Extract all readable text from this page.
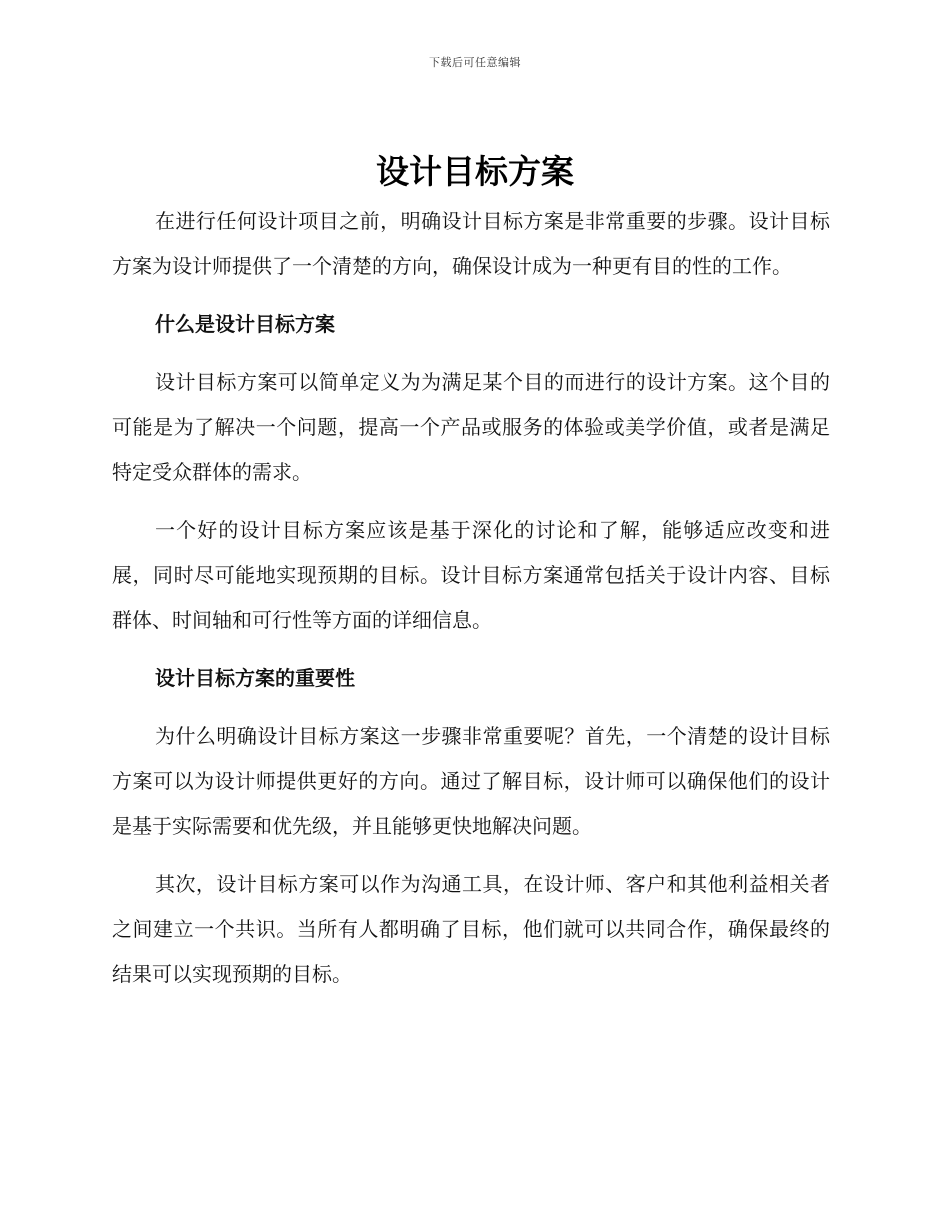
下载后可任意编辑
设计目标方案

在进行任何设计项目之前，明确设计目标方案是非常重要的步骤。设计目标方案为设计师提供了一个清楚的方向，确保设计成为一种更有目的性的工作。

什么是设计目标方案

设计目标方案可以简单定义为为满足某个目的而进行的设计方案。这个目的可能是为了解决一个问题，提高一个产品或服务的体验或美学价值，或者是满足特定受众群体的需求。

一个好的设计目标方案应该是基于深化的讨论和了解，能够适应改变和进展，同时尽可能地实现预期的目标。设计目标方案通常包括关于设计内容、目标群体、时间轴和可行性等方面的详细信息。

设计目标方案的重要性

为什么明确设计目标方案这一步骤非常重要呢？首先，一个清楚的设计目标方案可以为设计师提供更好的方向。通过了解目标，设计师可以确保他们的设计是基于实际需要和优先级，并且能够更快地解决问题。

其次，设计目标方案可以作为沟通工具，在设计师、客户和其他利益相关者之间建立一个共识。当所有人都明确了目标，他们就可以共同合作，确保最终的结果可以实现预期的目标。
